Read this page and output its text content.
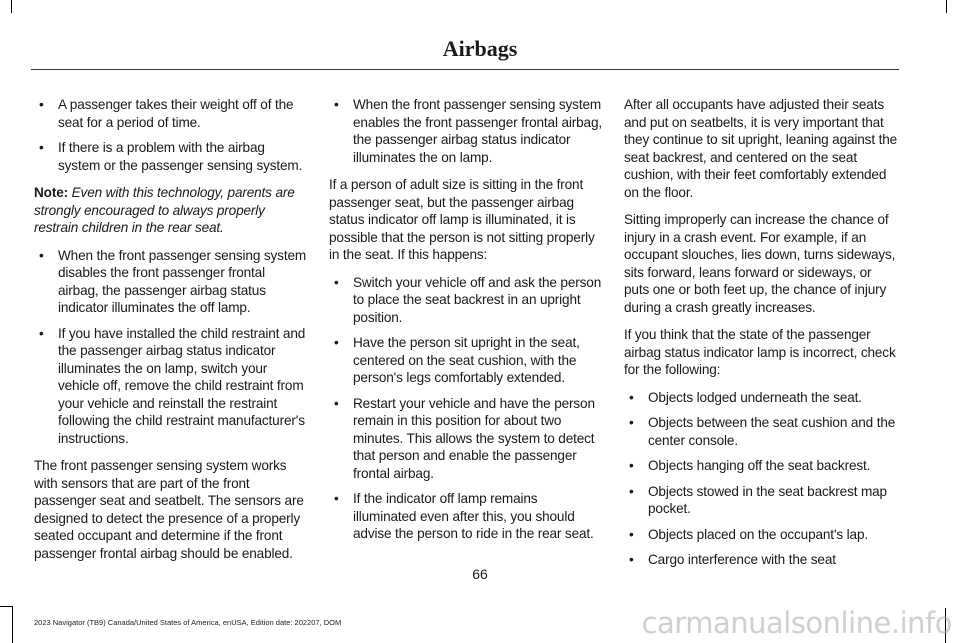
Airbags
• A passenger takes their weight off of the seat for a period of time.
• If there is a problem with the airbag system or the passenger sensing system.

Note: Even with this technology, parents are strongly encouraged to always properly restrain children in the rear seat.

• When the front passenger sensing system disables the front passenger frontal airbag, the passenger airbag status indicator illuminates the off lamp.
• If you have installed the child restraint and the passenger airbag status indicator illuminates the on lamp, switch your vehicle off, remove the child restraint from your vehicle and reinstall the restraint following the child restraint manufacturer's instructions.

The front passenger sensing system works with sensors that are part of the front passenger seat and seatbelt. The sensors are designed to detect the presence of a properly seated occupant and determine if the front passenger frontal airbag should be enabled.

• When the front passenger sensing system enables the front passenger frontal airbag, the passenger airbag status indicator illuminates the on lamp.

If a person of adult size is sitting in the front passenger seat, but the passenger airbag status indicator off lamp is illuminated, it is possible that the person is not sitting properly in the seat. If this happens:

• Switch your vehicle off and ask the person to place the seat backrest in an upright position.
• Have the person sit upright in the seat, centered on the seat cushion, with the person's legs comfortably extended.
• Restart your vehicle and have the person remain in this position for about two minutes. This allows the system to detect that person and enable the passenger frontal airbag.
• If the indicator off lamp remains illuminated even after this, you should advise the person to ride in the rear seat.

After all occupants have adjusted their seats and put on seatbelts, it is very important that they continue to sit upright, leaning against the seat backrest, and centered on the seat cushion, with their feet comfortably extended on the floor.

Sitting improperly can increase the chance of injury in a crash event. For example, if an occupant slouches, lies down, turns sideways, sits forward, leans forward or sideways, or puts one or both feet up, the chance of injury during a crash greatly increases.

If you think that the state of the passenger airbag status indicator lamp is incorrect, check for the following:

• Objects lodged underneath the seat.
• Objects between the seat cushion and the center console.
• Objects hanging off the seat backrest.
• Objects stowed in the seat backrest map pocket.
• Objects placed on the occupant's lap.
• Cargo interference with the seat
66
2023 Navigator (TB9) Canada/United States of America, enUSA, Edition date: 202207, DOM	carmanualsonline.info
